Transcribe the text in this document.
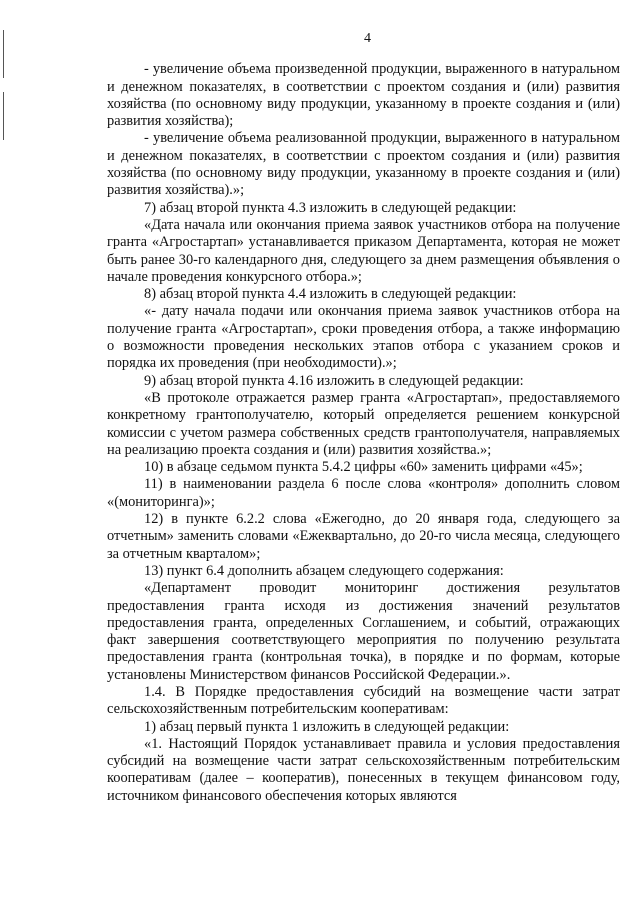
4

- увеличение объема произведенной продукции, выраженного в натуральном и денежном показателях, в соответствии с проектом создания и (или) развития хозяйства (по основному виду продукции, указанному в проекте создания и (или) развития хозяйства);

- увеличение объема реализованной продукции, выраженного в натуральном и денежном показателях, в соответствии с проектом создания и (или) развития хозяйства (по основному виду продукции, указанному в проекте создания и (или) развития хозяйства).»;

7) абзац второй пункта 4.3 изложить в следующей редакции:

«Дата начала или окончания приема заявок участников отбора на получение гранта «Агростартап» устанавливается приказом Департамента, которая не может быть ранее 30-го календарного дня, следующего за днем размещения объявления о начале проведения конкурсного отбора.»;

8) абзац второй пункта 4.4 изложить в следующей редакции:

«- дату начала подачи или окончания приема заявок участников отбора на получение гранта «Агростартап», сроки проведения отбора, а также информацию о возможности проведения нескольких этапов отбора с указанием сроков и порядка их проведения (при необходимости).»;

9) абзац второй пункта 4.16 изложить в следующей редакции:

«В протоколе отражается размер гранта «Агростартап», предоставляемого конкретному грантополучателю, который определяется решением конкурсной комиссии с учетом размера собственных средств грантополучателя, направляемых на реализацию проекта создания и (или) развития хозяйства.»;

10) в абзаце седьмом пункта 5.4.2 цифры «60» заменить цифрами «45»;

11) в наименовании раздела 6 после слова «контроля» дополнить словом «(мониторинга)»;

12) в пункте 6.2.2 слова «Ежегодно, до 20 января года, следующего за отчетным» заменить словами «Ежеквартально, до 20-го числа месяца, следующего за отчетным кварталом»;

13) пункт 6.4 дополнить абзацем следующего содержания:

«Департамент проводит мониторинг достижения результатов предоставления гранта исходя из достижения значений результатов предоставления гранта, определенных Соглашением, и событий, отражающих факт завершения соответствующего мероприятия по получению результата предоставления гранта (контрольная точка), в порядке и по формам, которые установлены Министерством финансов Российской Федерации.».

1.4. В Порядке предоставления субсидий на возмещение части затрат сельскохозяйственным потребительским кооперативам:

1) абзац первый пункта 1 изложить в следующей редакции:

«1. Настоящий Порядок устанавливает правила и условия предоставления субсидий на возмещение части затрат сельскохозяйственным потребительским кооперативам (далее – кооператив), понесенных в текущем финансовом году, источником финансового обеспечения которых являются
